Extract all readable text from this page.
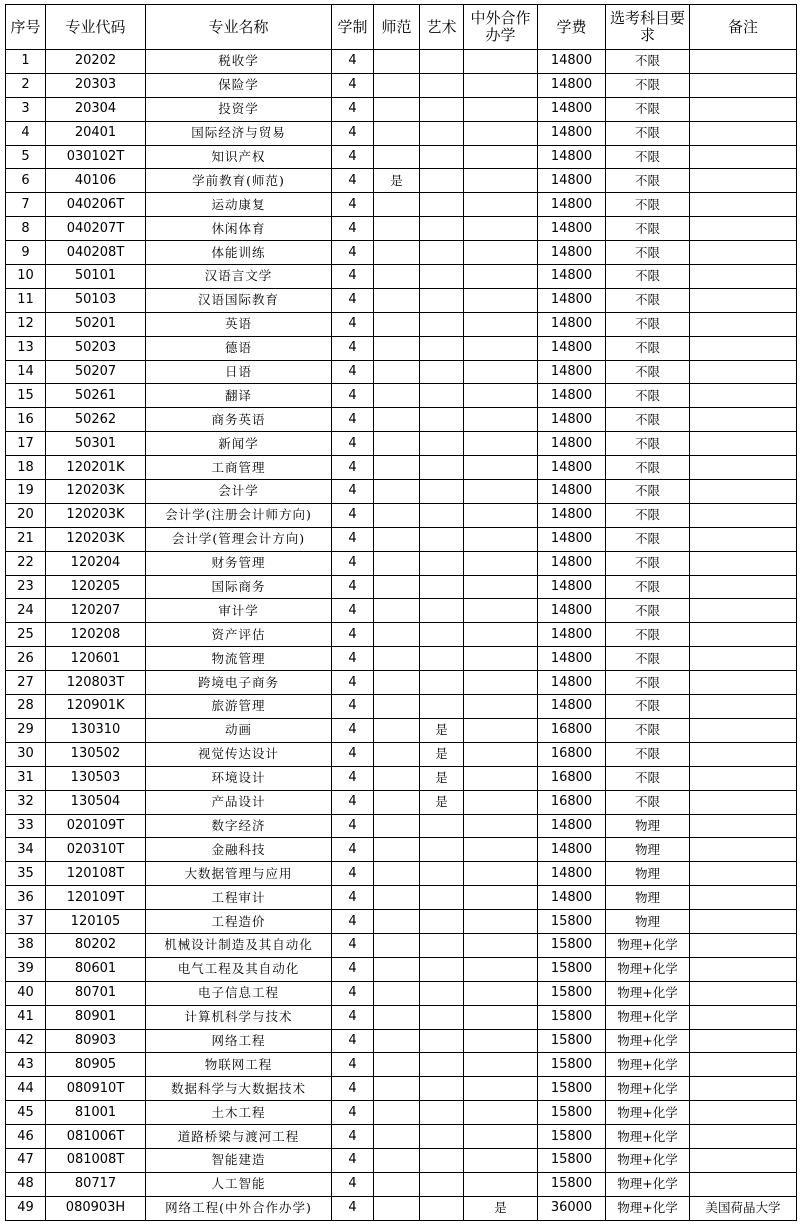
序号	专业代码	专业名称	学制	师范	艺术	中外合作办学	学费	选考科目要求	备注
1	20202	税收学	4				14800	不限	
2	20303	保险学	4				14800	不限	
3	20304	投资学	4				14800	不限	
4	20401	国际经济与贸易	4				14800	不限	
5	030102T	知识产权	4				14800	不限	
6	40106	学前教育(师范)	4	是			14800	不限	
7	040206T	运动康复	4				14800	不限	
8	040207T	休闲体育	4				14800	不限	
9	040208T	体能训练	4				14800	不限	
10	50101	汉语言文学	4				14800	不限	
11	50103	汉语国际教育	4				14800	不限	
12	50201	英语	4				14800	不限	
13	50203	德语	4				14800	不限	
14	50207	日语	4				14800	不限	
15	50261	翻译	4				14800	不限	
16	50262	商务英语	4				14800	不限	
17	50301	新闻学	4				14800	不限	
18	120201K	工商管理	4				14800	不限	
19	120203K	会计学	4				14800	不限	
20	120203K	会计学(注册会计师方向)	4				14800	不限	
21	120203K	会计学(管理会计方向)	4				14800	不限	
22	120204	财务管理	4				14800	不限	
23	120205	国际商务	4				14800	不限	
24	120207	审计学	4				14800	不限	
25	120208	资产评估	4				14800	不限	
26	120601	物流管理	4				14800	不限	
27	120803T	跨境电子商务	4				14800	不限	
28	120901K	旅游管理	4				14800	不限	
29	130310	动画	4		是		16800	不限	
30	130502	视觉传达设计	4		是		16800	不限	
31	130503	环境设计	4		是		16800	不限	
32	130504	产品设计	4		是		16800	不限	
33	020109T	数字经济	4				14800	物理	
34	020310T	金融科技	4				14800	物理	
35	120108T	大数据管理与应用	4				14800	物理	
36	120109T	工程审计	4				14800	物理	
37	120105	工程造价	4				15800	物理	
38	80202	机械设计制造及其自动化	4				15800	物理+化学	
39	80601	电气工程及其自动化	4				15800	物理+化学	
40	80701	电子信息工程	4				15800	物理+化学	
41	80901	计算机科学与技术	4				15800	物理+化学	
42	80903	网络工程	4				15800	物理+化学	
43	80905	物联网工程	4				15800	物理+化学	
44	080910T	数据科学与大数据技术	4				15800	物理+化学	
45	81001	土木工程	4				15800	物理+化学	
46	081006T	道路桥梁与渡河工程	4				15800	物理+化学	
47	081008T	智能建造	4				15800	物理+化学	
48	80717	人工智能	4				15800	物理+化学	
49	080903H	网络工程(中外合作办学)	4			是	36000	物理+化学	美国荷晶大学
